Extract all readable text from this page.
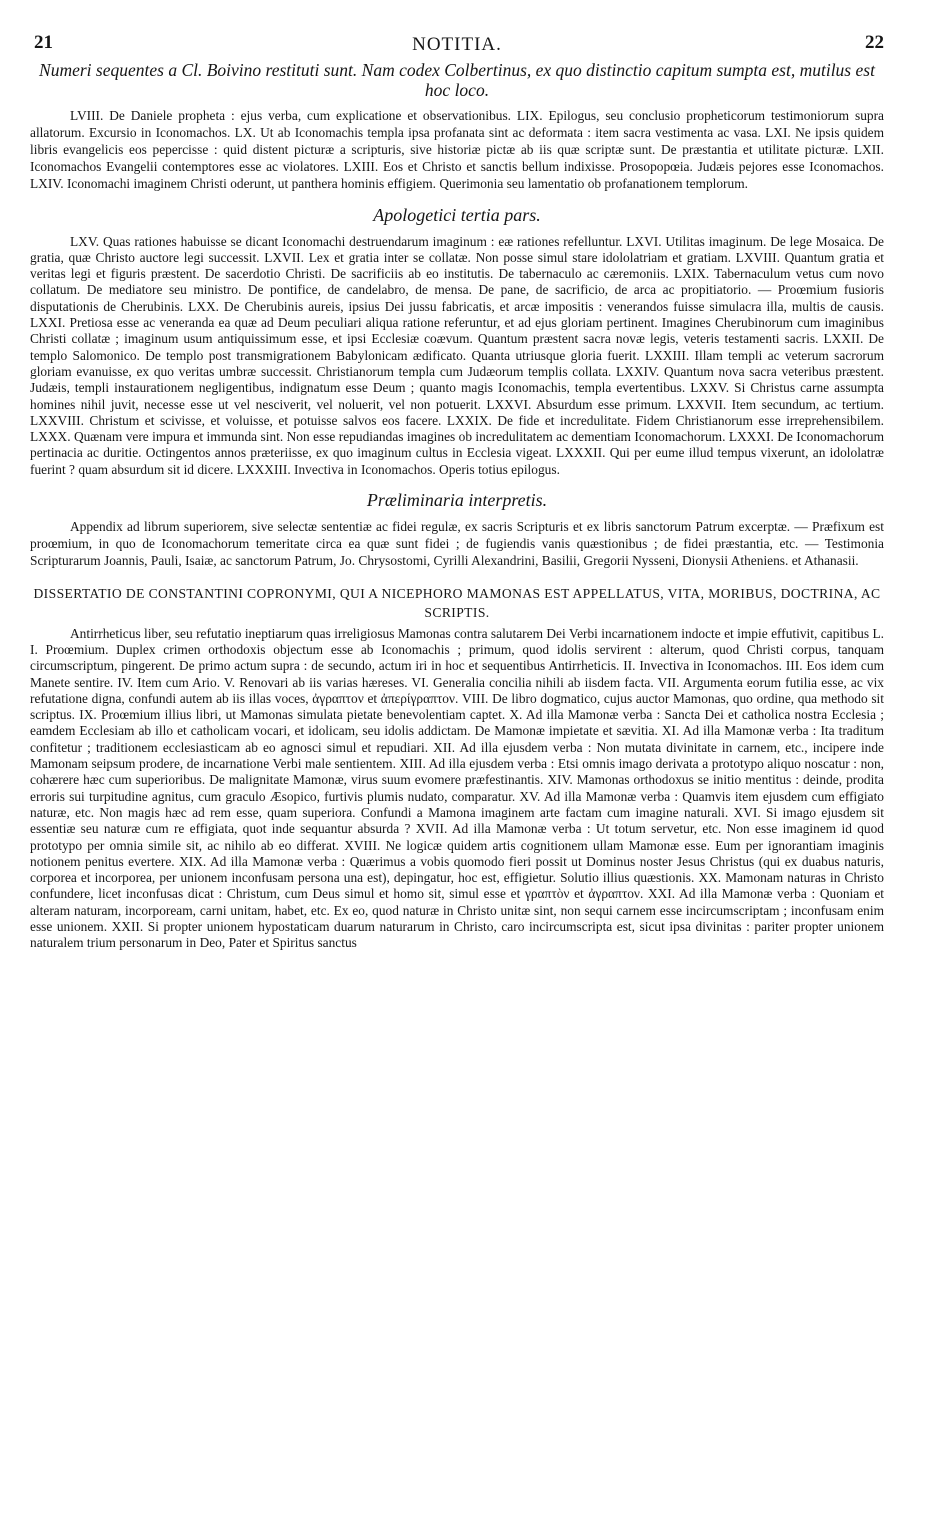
21	NOTITIA.	22
Numeri sequentes a Cl. Boivino restituti sunt. Nam codex Colbertinus, ex quo distinctio capitum sumpta est, mutilus est hoc loco.

LVIII. De Daniele propheta : ejus verba, cum explicatione et observationibus. LIX. Epilogus, seu conclusio propheticorum testimoniorum supra allatorum. Excursio in Iconomachos. LX. Ut ab Iconomachis templa ipsa profanata sint ac deformata : item sacra vestimenta ac vasa. LXI. Ne ipsis quidem libris evangelicis eos pepercisse : quid distent picturæ a scripturis, sive historiæ pictæ ab iis quæ scriptæ sunt. De præstantia et utilitate picturæ. LXII. Iconomachos Evangelii contemptores esse ac violatores. LXIII. Eos et Christo et sanctis bellum indixisse. Prosopopœia. Judæis pejores esse Iconomachos. LXIV. Iconomachi imaginem Christi oderunt, ut panthera hominis effigiem. Querimonia seu lamentatio ob profanationem templorum.

Apologetici tertia pars.

LXV. Quas rationes habuisse se dicant Iconomachi destruendarum imaginum : eæ rationes refelluntur. LXVI. Utilitas imaginum. De lege Mosaica. De gratia, quæ Christo auctore legi successit. LXVII. Lex et gratia inter se collatæ. Non posse simul stare idololatriam et gratiam. LXVIII. Quantum gratia et veritas legi et figuris præstent. De sacerdotio Christi. De sacrificiis ab eo institutis. De tabernaculo ac cæremoniis. LXIX. Tabernaculum vetus cum novo collatum. De mediatore seu ministro. De pontifice, de candelabro, de mensa. De pane, de sacrificio, de arca ac propitiatorio. — Proœmium fusioris disputationis de Cherubinis. LXX. De Cherubinis aureis, ipsius Dei jussu fabricatis, et arcæ impositis : venerandos fuisse simulacra illa, multis de causis. LXXI. Pretiosa esse ac veneranda ea quæ ad Deum peculiari aliqua ratione referuntur, et ad ejus gloriam pertinent. Imagines Cherubinorum cum imaginibus Christi collatæ ; imaginum usum antiquissimum esse, et ipsi Ecclesiæ coævum. Quantum præstent sacra novæ legis, veteris testamenti sacris. LXXII. De templo Salomonico. De templo post transmigrationem Babylonicam ædificato. Quanta utriusque gloria fuerit. LXXIII. Illam templi ac veterum sacrorum gloriam evanuisse, ex quo veritas umbræ successit. Christianorum templa cum Judæorum templis collata. LXXIV. Quantum nova sacra veteribus præstent. Judæis, templi instaurationem negligentibus, indignatum esse Deum ; quanto magis Iconomachis, templa evertentibus. LXXV. Si Christus carne assumpta homines nihil juvit, necesse esse ut vel nesciverit, vel noluerit, vel non potuerit. LXXVI. Absurdum esse primum. LXXVII. Item secundum, ac tertium. LXXVIII. Christum et scivisse, et voluisse, et potuisse salvos eos facere. LXXIX. De fide et incredulitate. Fidem Christianorum esse irreprehensibilem. LXXX. Quænam vere impura et immunda sint. Non esse repudiandas imagines ob incredulitatem ac dementiam Iconomachorum. LXXXI. De Iconomachorum pertinacia ac duritie. Octingentos annos præteriisse, ex quo imaginum cultus in Ecclesia vigeat. LXXXII. Qui per eume illud tempus vixerunt, an idololatræ fuerint ? quam absurdum sit id dicere. LXXXIII. Invectiva in Iconomachos. Operis totius epilogus.

Præliminaria interpretis.

Appendix ad librum superiorem, sive selectæ sententiæ ac fidei regulæ, ex sacris Scripturis et ex libris sanctorum Patrum excerptæ. — Præfixum est proœmium, in quo de Iconomachorum temeritate circa ea quæ sunt fidei ; de fugiendis vanis quæstionibus ; de fidei præstantia, etc. — Testimonia Scripturarum Joannis, Pauli, Isaiæ, ac sanctorum Patrum, Jo. Chrysostomi, Cyrilli Alexandrini, Basilii, Gregorii Nysseni, Dionysii Atheniens. et Athanasii.

DISSERTATIO DE CONSTANTINI COPRONYMI, QUI A NICEPHORO MAMONAS EST APPELLATUS, VITA, MORIBUS, DOCTRINA, AC SCRIPTIS.

Antirrheticus liber, seu refutatio ineptiarum quas irreligiosus Mamonas contra salutarem Dei Verbi incarnationem indocte et impie effutivit, capitibus L. I. Proœmium. Duplex crimen orthodoxis objectum esse ab Iconomachis ; primum, quod idolis servirent : alterum, quod Christi corpus, tanquam circumscriptum, pingerent. De primo actum supra : de secundo, actum iri in hoc et sequentibus Antirrheticis. II. Invectiva in Iconomachos. III. Eos idem cum Manete sentire. IV. Item cum Ario. V. Renovari ab iis varias hæreses. VI. Generalia concilia nihili ab iisdem facta. VII. Argumenta eorum futilia esse, ac vix refutatione digna, confundi autem ab iis illas voces, ἀγραπτον et ἀπερίγραπτον. VIII. De libro dogmatico, cujus auctor Mamonas, quo ordine, qua methodo sit scriptus. IX. Proœmium illius libri, ut Mamonas simulata pietate benevolentiam captet. X. Ad illa Mamonæ verba : Sancta Dei et catholica nostra Ecclesia ; eamdem Ecclesiam ab illo et catholicam vocari, et idolicam, seu idolis addictam. De Mamonæ impietate et sævitia. XI. Ad illa Mamonæ verba : Ita traditum confitetur ; traditionem ecclesiasticam ab eo agnosci simul et repudiari. XII. Ad illa ejusdem verba : Non mutata divinitate in carnem, etc., incipere inde Mamonam seipsum prodere, de incarnatione Verbi male sentientem. XIII. Ad illa ejusdem verba : Etsi omnis imago derivata a prototypo aliquo noscatur : non, cohærere hæc cum superioribus. De malignitate Mamonæ, virus suum evomere præfestinantis. XIV. Mamonas orthodoxus se initio mentitus : deinde, prodita erroris sui turpitudine agnitus, cum graculo Æsopico, furtivis plumis nudato, comparatur. XV. Ad illa Mamonæ verba : Quamvis item ejusdem cum effigiato naturæ, etc. Non magis hæc ad rem esse, quam superiora. Confundi a Mamona imaginem arte factam cum imagine naturali. XVI. Si imago ejusdem sit essentiæ seu naturæ cum re effigiata, quot inde sequantur absurda ? XVII. Ad illa Mamonæ verba : Ut totum servetur, etc. Non esse imaginem id quod prototypo per omnia simile sit, ac nihilo ab eo differat. XVIII. Ne logicæ quidem artis cognitionem ullam Mamonæ esse. Eum per ignorantiam imaginis notionem penitus evertere. XIX. Ad illa Mamonæ verba : Quærimus a vobis quomodo fieri possit ut Dominus noster Jesus Christus (qui ex duabus naturis, corporea et incorporea, per unionem inconfusam persona una est), depingatur, hoc est, effigietur. Solutio illius quæstionis. XX. Mamonam naturas in Christo confundere, licet inconfusas dicat : Christum, cum Deus simul et homo sit, simul esse et γραπτὸν et ἀγραπτον. XXI. Ad illa Mamonæ verba : Quoniam et alteram naturam, incorpoream, carni unitam, habet, etc. Ex eo, quod naturæ in Christo unitæ sint, non sequi carnem esse incircumscriptam ; inconfusam enim esse unionem. XXII. Si propter unionem hypostaticam duarum naturarum in Christo, caro incircumscripta est, sicut ipsa divinitas : pariter propter unionem naturalem trium personarum in Deo, Pater et Spiritus sanctus
